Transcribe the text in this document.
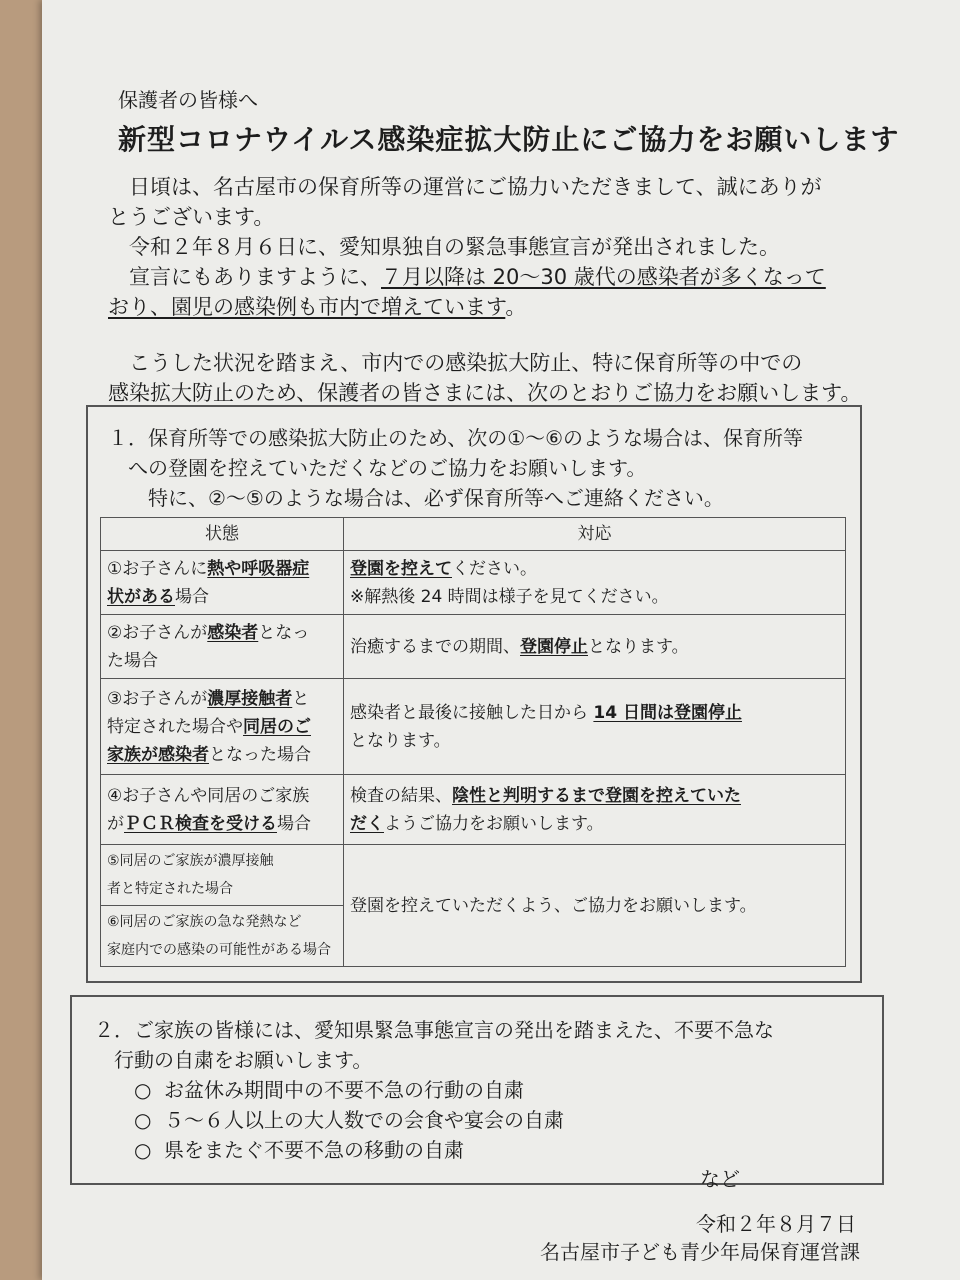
保護者の皆様へ
新型コロナウイルス感染症拡大防止にご協力をお願いします

 日頃は、名古屋市の保育所等の運営にご協力いただきまして、誠にありが

とうございます。

 令和２年８月６日に、愛知県独自の緊急事態宣言が発出されました。

 宣言にもありますように、７月以降は 20～30 歳代の感染者が多くなって

おり、園児の感染例も市内で増えています。

 こうした状況を踏まえ、市内での感染拡大防止、特に保育所等の中での

感染拡大防止のため、保護者の皆さまには、次のとおりご協力をお願いします。

１．保育所等での感染拡大防止のため、次の①～⑥のような場合は、保育所等

 への登園を控えていただくなどのご協力をお願いします。

  特に、②～⑤のような場合は、必ず保育所等へご連絡ください。

状態	対応
①お子さんに熱や呼吸器症
状がある場合	登園を控えてください。
※解熱後 24 時間は様子を見てください。
②お子さんが感染者となっ
た場合	治癒するまでの期間、登園停止となります。
③お子さんが濃厚接触者と
特定された場合や同居のご
家族が感染者となった場合	感染者と最後に接触した日から 14 日間は登園停止
となります。
④お子さんや同居のご家族
がＰＣＲ検査を受ける場合	検査の結果、陰性と判明するまで登園を控えていた
だくようご協力をお願いします。
⑤同居のご家族が濃厚接触
者と特定された場合	登園を控えていただくよう、ご協力をお願いします。
⑥同居のご家族の急な発熱など
家庭内での感染の可能性がある場合	

２．ご家族の皆様には、愛知県緊急事態宣言の発出を踏まえた、不要不急な

 行動の自粛をお願いします。

○ お盆休み期間中の不要不急の行動の自粛

○ ５～６人以上の大人数での会食や宴会の自粛

○ 県をまたぐ不要不急の移動の自粛

など
令和２年８月７日
名古屋市子ども青少年局保育運営課
